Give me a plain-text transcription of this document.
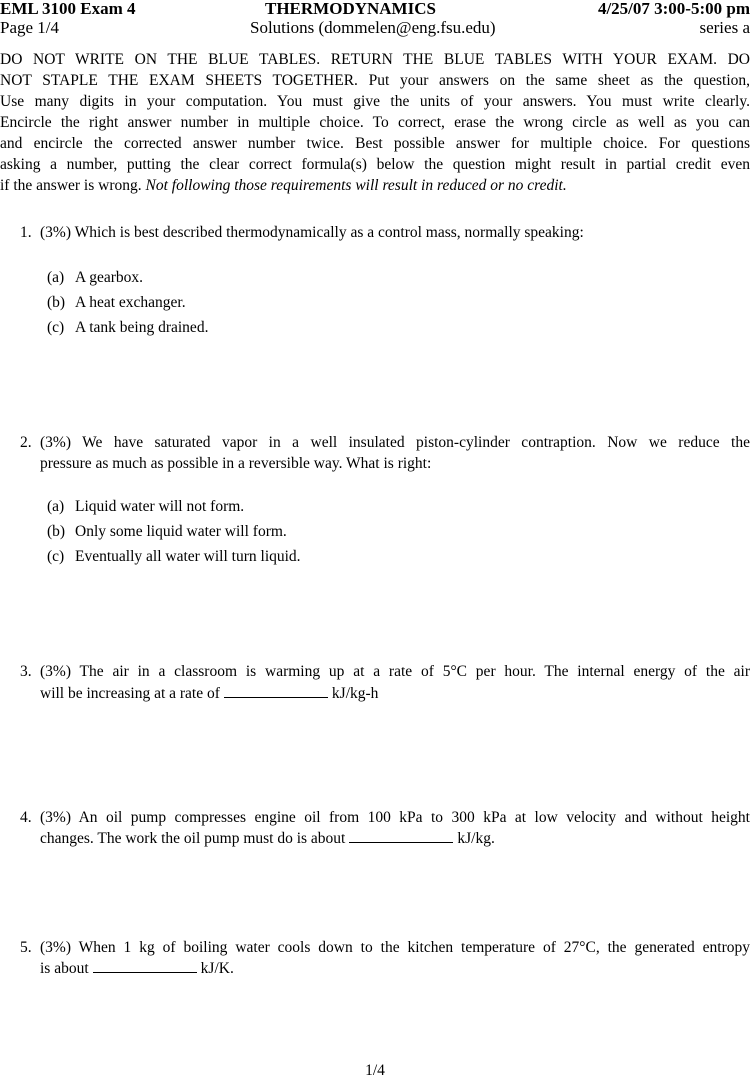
EML 3100 Exam 4	THERMODYNAMICS	4/25/07 3:00-5:00 pm
Page 1/4	Solutions (dommelen@eng.fsu.edu)	series a
DO NOT WRITE ON THE BLUE TABLES. RETURN THE BLUE TABLES WITH YOUR EXAM. DO
NOT STAPLE THE EXAM SHEETS TOGETHER. Put your answers on the same sheet as the question,
Use many digits in your computation. You must give the units of your answers. You must write clearly.
Encircle the right answer number in multiple choice. To correct, erase the wrong circle as well as you can
and encircle the corrected answer number twice. Best possible answer for multiple choice. For questions
asking a number, putting the clear correct formula(s) below the question might result in partial credit even
if the answer is wrong. Not following those requirements will result in reduced or no credit.
1. (3%) Which is best described thermodynamically as a control mass, normally speaking:
(a) A gearbox.
(b) A heat exchanger.
(c) A tank being drained.
2. (3%) We have saturated vapor in a well insulated piston-cylinder contraption. Now we reduce the
pressure as much as possible in a reversible way. What is right:
(a) Liquid water will not form.
(b) Only some liquid water will form.
(c) Eventually all water will turn liquid.
3. (3%) The air in a classroom is warming up at a rate of 5°C per hour. The internal energy of the air
will be increasing at a rate of	kJ/kg-h
4. (3%) An oil pump compresses engine oil from 100 kPa to 300 kPa at low velocity and without height
changes. The work the oil pump must do is about	kJ/kg.
5. (3%) When 1 kg of boiling water cools down to the kitchen temperature of 27°C, the generated entropy
is about	kJ/K.
1/4
